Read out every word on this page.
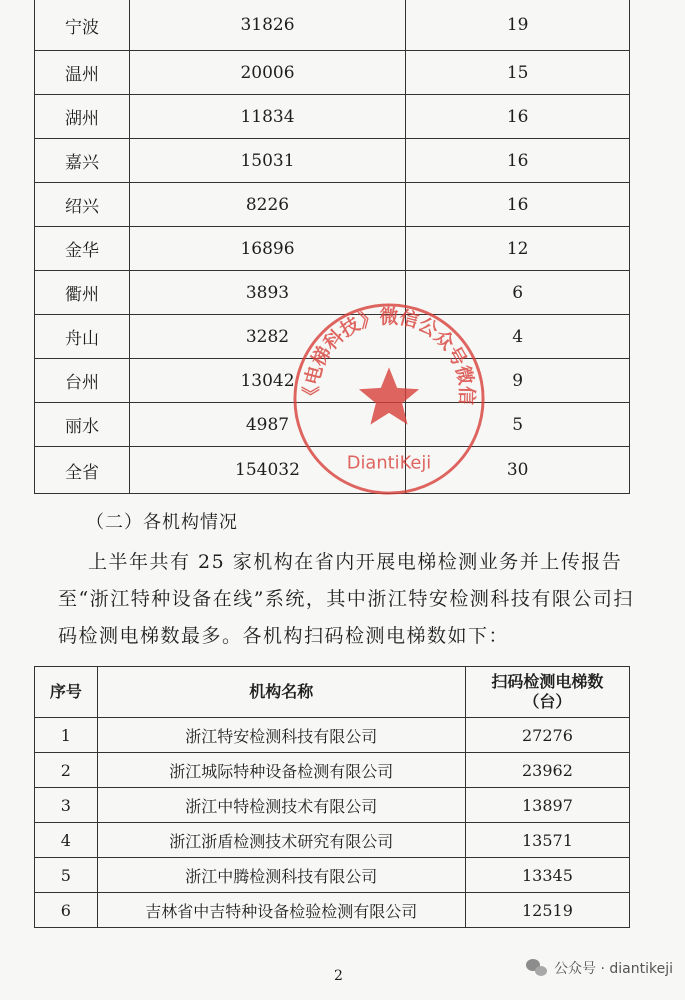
宁波	31826	19
温州	20006	15
湖州	11834	16
嘉兴	15031	16
绍兴	8226	16
金华	16896	12
衢州	3893	6
舟山	3282	4
台州	13042	9
丽水	4987	5
全省	154032	30
（二）各机构情况
上半年共有 25 家机构在省内开展电梯检测业务并上传报告至“浙江特种设备在线”系统，其中浙江特安检测科技有限公司扫码检测电梯数最多。各机构扫码检测电梯数如下：
序号	机构名称	扫码检测电梯数
（台）
1	浙江特安检测科技有限公司	27276
2	浙江城际特种设备检测有限公司	23962
3	浙江中特检测技术有限公司	13897
4	浙江浙盾检测技术研究有限公司	13571
5	浙江中腾检测科技有限公司	13345
6	吉林省中吉特种设备检验检测有限公司	12519
2	公众号 · diantikeji
《电梯科技》微信公众号微信
DiantiKeji
